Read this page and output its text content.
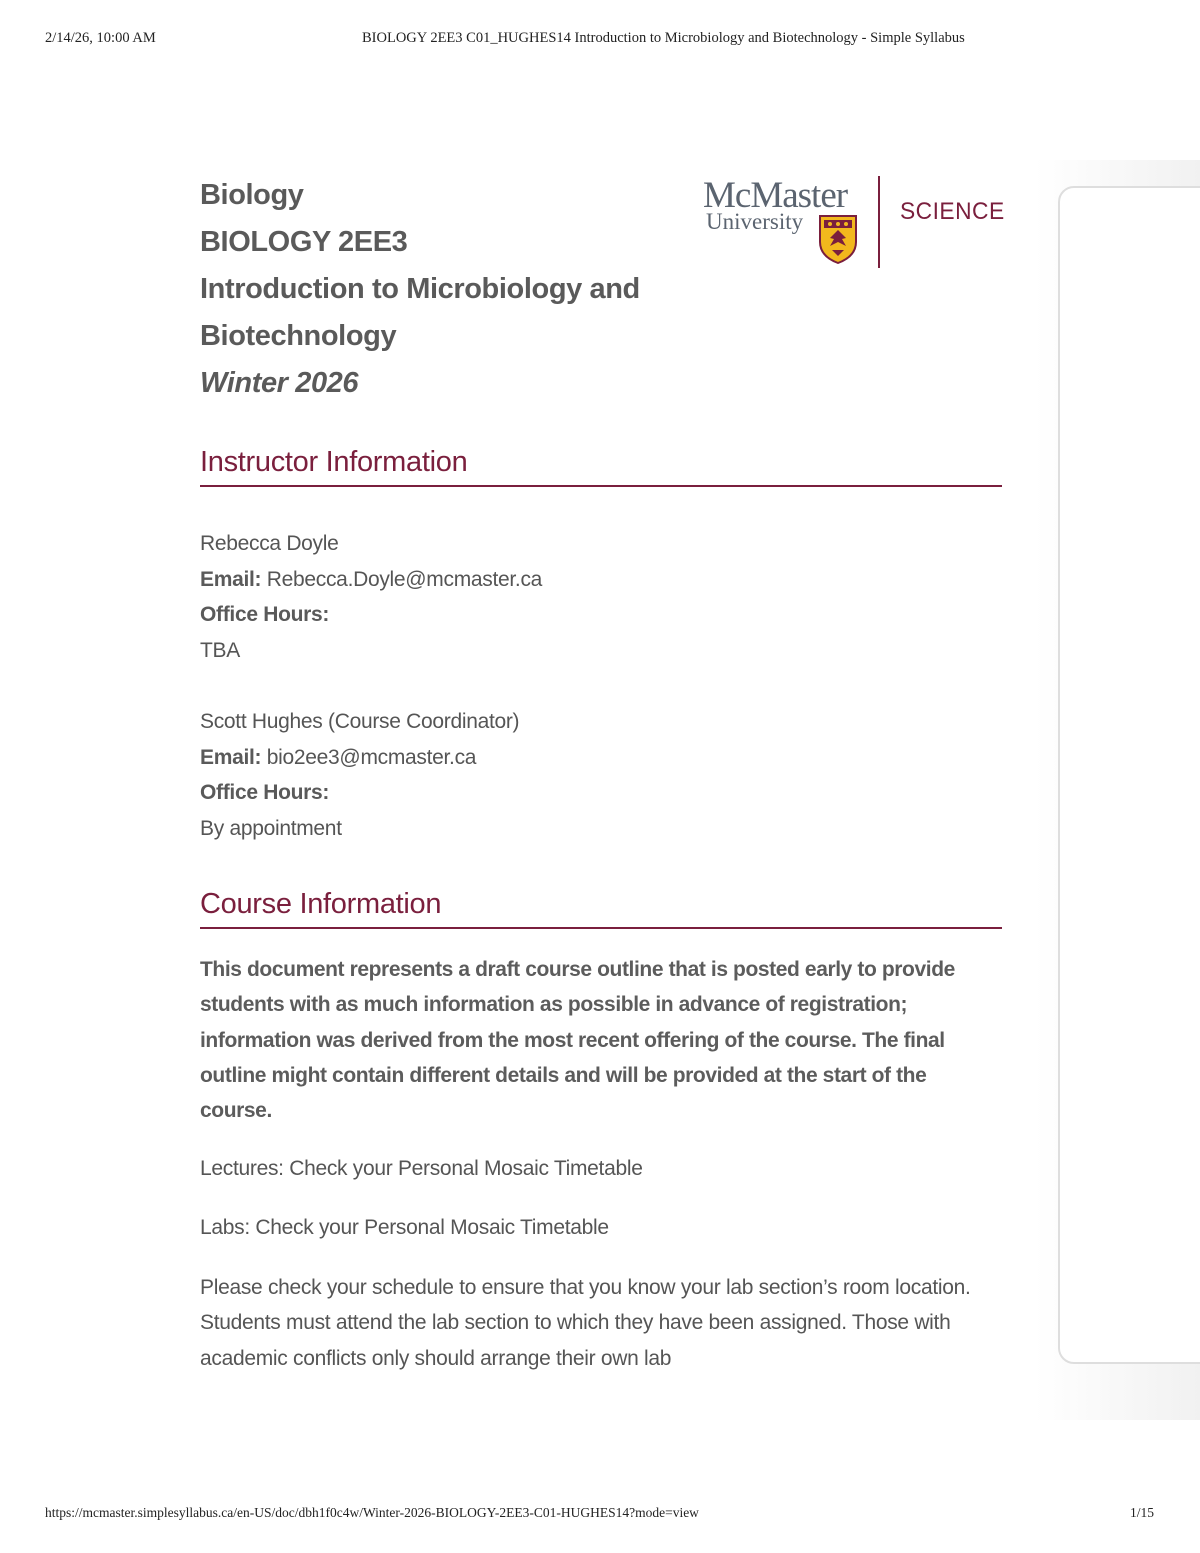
2/14/26, 10:00 AM	BIOLOGY 2EE3 C01_HUGHES14 Introduction to Microbiology and Biotechnology - Simple Syllabus
Biology
BIOLOGY 2EE3
Introduction to Microbiology and
Biotechnology
Winter 2026
McMaster
University	SCIENCE
Instructor Information
Rebecca Doyle
Email: Rebecca.Doyle@mcmaster.ca
Office Hours:
TBA
Scott Hughes (Course Coordinator)
Email: bio2ee3@mcmaster.ca
Office Hours:
By appointment
Course Information
This document represents a draft course outline that is posted early to provide students with as much information as possible in advance of registration; information was derived from the most recent offering of the course. The final outline might contain different details and will be provided at the start of the course.
Lectures: Check your Personal Mosaic Timetable
Labs: Check your Personal Mosaic Timetable
Please check your schedule to ensure that you know your lab section’s room location. Students must attend the lab section to which they have been assigned. Those with academic conflicts only should arrange their own lab
https://mcmaster.simplesyllabus.ca/en-US/doc/dbh1f0c4w/Winter-2026-BIOLOGY-2EE3-C01-HUGHES14?mode=view	1/15
